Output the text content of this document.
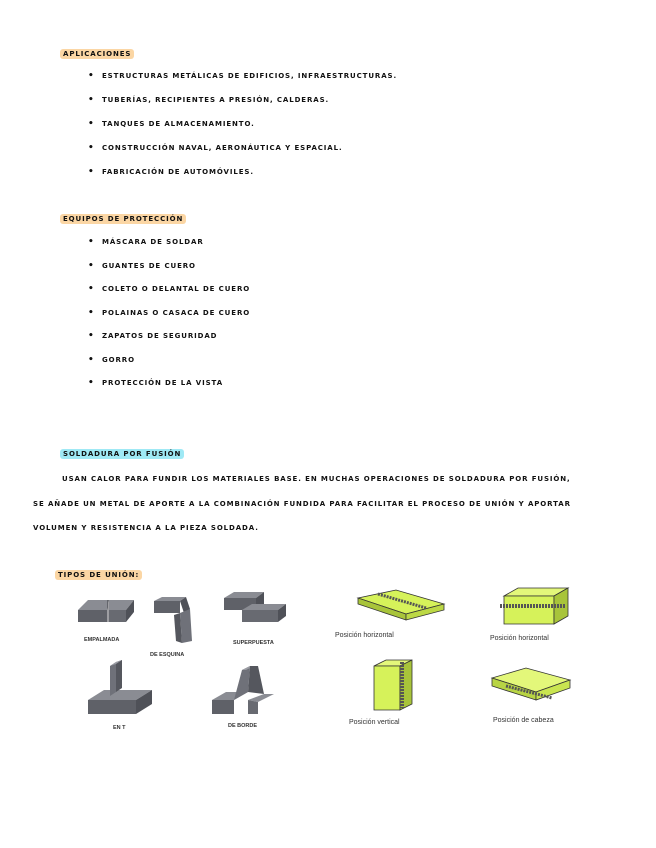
APLICACIONES
• ESTRUCTURAS METÁLICAS DE EDIFICIOS, INFRAESTRUCTURAS.
• TUBERÍAS, RECIPIENTES A PRESIÓN, CALDERAS.
• TANQUES DE ALMACENAMIENTO.
• CONSTRUCCIÓN NAVAL, AERONÁUTICA Y ESPACIAL.
• FABRICACIÓN DE AUTOMÓVILES.
EQUIPOS DE PROTECCIÓN
• MÁSCARA DE SOLDAR
• GUANTES DE CUERO
• COLETO O DELANTAL DE CUERO
• POLAINAS O CASACA DE CUERO
• ZAPATOS DE SEGURIDAD
• GORRO
• PROTECCIÓN DE LA VISTA
SOLDADURA POR FUSIÓN
USAN CALOR PARA FUNDIR LOS MATERIALES BASE. EN MUCHAS OPERACIONES DE SOLDADURA POR FUSIÓN,
SE AÑADE UN METAL DE APORTE A LA COMBINACIÓN FUNDIDA PARA FACILITAR EL PROCESO DE UNIÓN Y APORTAR
VOLUMEN Y RESISTENCIA A LA PIEZA SOLDADA.
TIPOS DE UNIÓN:
EMPALMADA
DE ESQUINA
SUPERPUESTA
EN T	DE BORDE
Posición horizontal	Posición horizontal
Posición vertical	Posición de cabeza
